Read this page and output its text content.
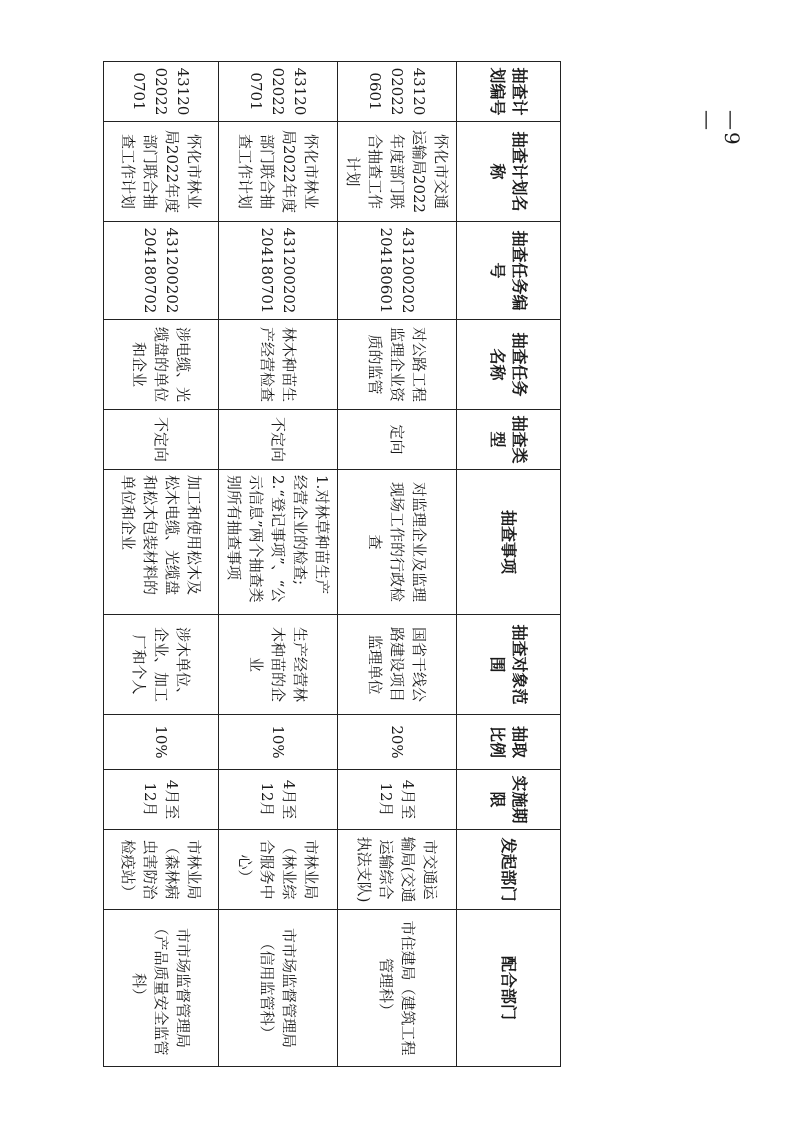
—9—
抽查计划编号	抽查计划名称	抽查任务编号	抽查任务名称	抽查类型	抽查事项	抽查对象范围	抽取比例	实施期限	发起部门	配合部门
43120020220601	怀化市交通运输局2022年度部门联合抽查工作计划	431200202204180601	对公路工程监理企业资质的监管	定向	对监理企业及监理现场工作的行政检查	国省干线公路建设项目监理单位	20%	4月至12月	市交通运输局(交通运输综合执法支队)	市住建局（建筑工程管理科）
43120020220701	怀化市林业局2022年度部门联合抽查工作计划	431200202204180701	林木种苗生产经营检查	不定向	1.对林草种苗生产经营企业的检查;2.“登记事项”、“公示信息”两个抽查类别所有抽查事项	生产经营林木种苗的企业	10%	4月至12月	市林业局（林业综合服务中心）	市市场监督管理局（信用监管科）
43120020220701	怀化市林业局2022年度部门联合抽查工作计划	431200202204180702	涉电缆、光缆盘的单位和企业	不定向	加工和使用松木及松木电缆、光缆盘和松木包装材料的单位和企业	涉木单位、企业、加工厂和个人	10%	4月至12月	市林业局（森林病虫害防治检疫站）	市市场监督管理局（产品质量安全监管科）
